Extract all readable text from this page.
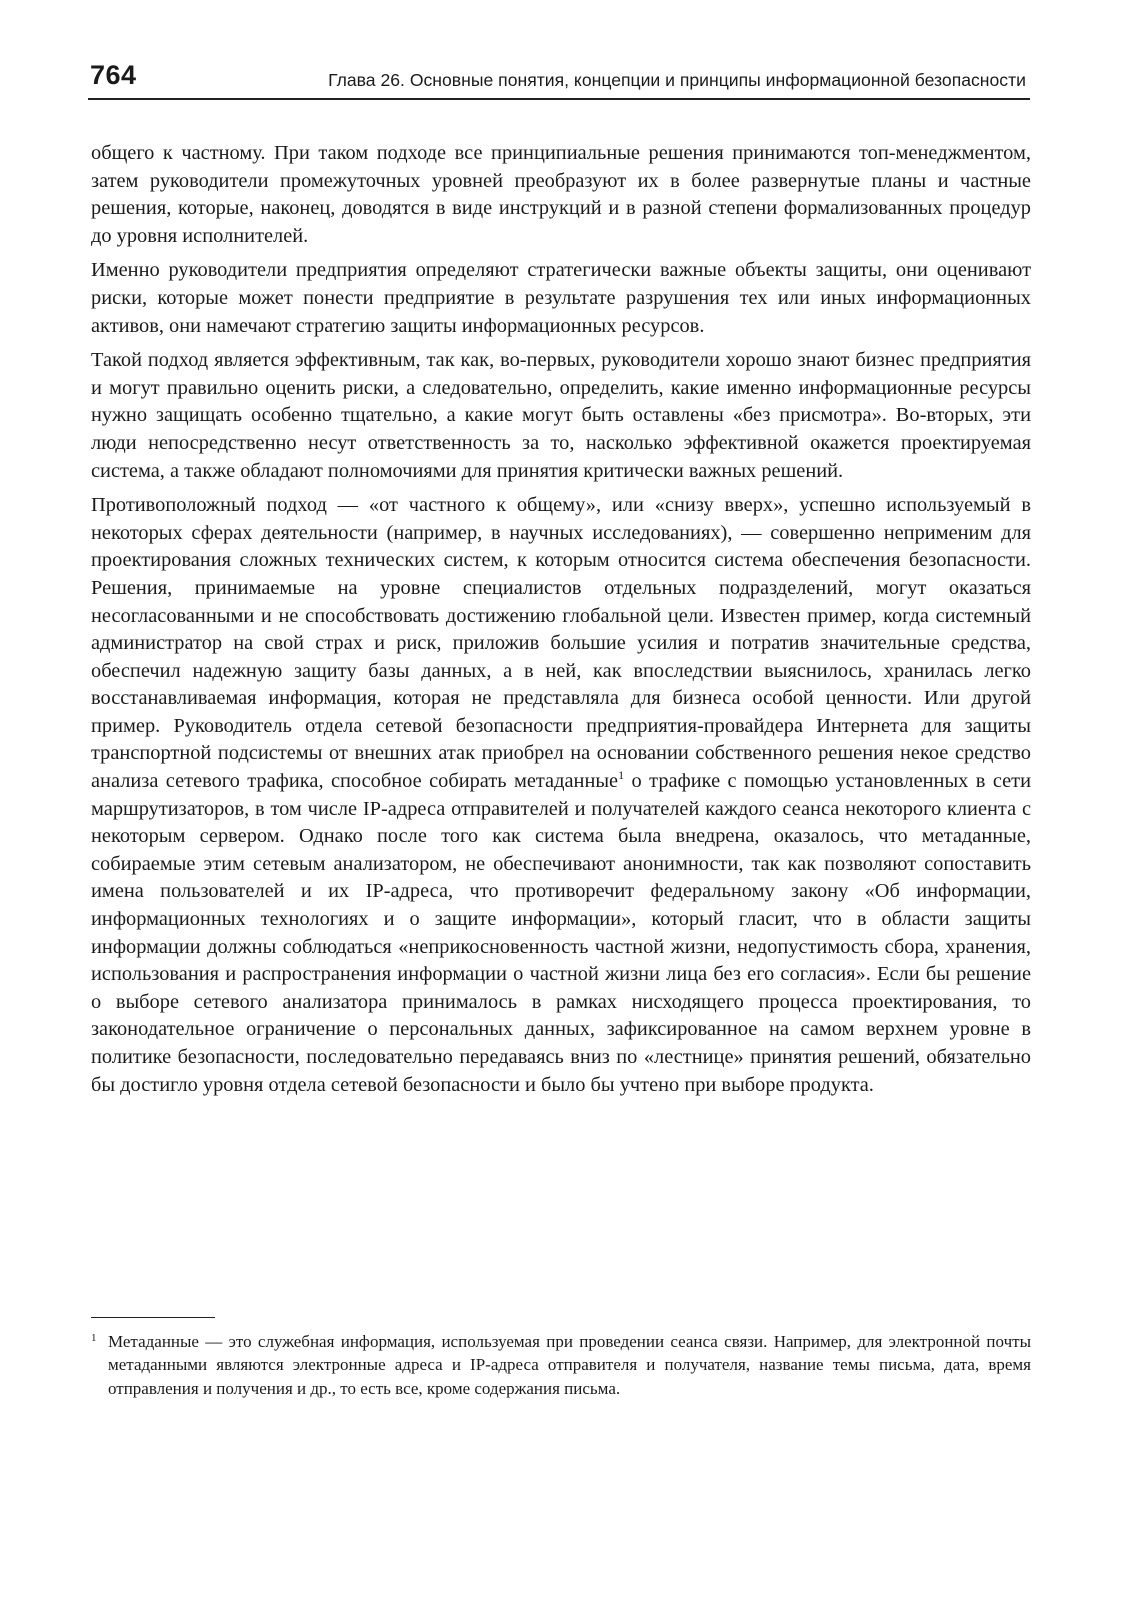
764	Глава 26. Основные понятия, концепции и принципы информационной безопасности

общего к частному. При таком подходе все принципиальные решения принимаются топ-менеджментом, затем руководители промежуточных уровней преобразуют их в более развернутые планы и частные решения, которые, наконец, доводятся в виде инструкций и в разной степени формализованных процедур до уровня исполнителей.

Именно руководители предприятия определяют стратегически важные объекты защиты, они оценивают риски, которые может понести предприятие в результате разрушения тех или иных информационных активов, они намечают стратегию защиты информационных ресурсов.

Такой подход является эффективным, так как, во-первых, руководители хорошо знают бизнес предприятия и могут правильно оценить риски, а следовательно, определить, какие именно информационные ресурсы нужно защищать особенно тщательно, а какие могут быть оставлены «без присмотра». Во-вторых, эти люди непосредственно несут ответственность за то, насколько эффективной окажется проектируемая система, а также обладают полномочиями для принятия критически важных решений.

Противоположный подход — «от частного к общему», или «снизу вверх», успешно используемый в некоторых сферах деятельности (например, в научных исследованиях), — совершенно неприменим для проектирования сложных технических систем, к которым относится система обеспечения безопасности. Решения, принимаемые на уровне специалистов отдельных подразделений, могут оказаться несогласованными и не способствовать достижению глобальной цели. Известен пример, когда системный администратор на свой страх и риск, приложив большие усилия и потратив значительные средства, обеспечил надежную защиту базы данных, а в ней, как впоследствии выяснилось, хранилась легко восстанавливаемая информация, которая не представляла для бизнеса особой ценности. Или другой пример. Руководитель отдела сетевой безопасности предприятия-провайдера Интернета для защиты транспортной подсистемы от внешних атак приобрел на основании собственного решения некое средство анализа сетевого трафика, способное собирать метаданные$^1$ о трафике с помощью установленных в сети маршрутизаторов, в том числе IP-адреса отправителей и получателей каждого сеанса некоторого клиента с некоторым сервером. Однако после того как система была внедрена, оказалось, что метаданные, собираемые этим сетевым анализатором, не обеспечивают анонимности, так как позволяют сопоставить имена пользователей и их IP-адреса, что противоречит федеральному закону «Об информации, информационных технологиях и о защите информации», который гласит, что в области защиты информации должны соблюдаться «неприкосновенность частной жизни, недопустимость сбора, хранения, использования и распространения информации о частной жизни лица без его согласия». Если бы решение о выборе сетевого анализатора принималось в рамках нисходящего процесса проектирования, то законодательное ограничение о персональных данных, зафиксированное на самом верхнем уровне в политике безопасности, последовательно передаваясь вниз по «лестнице» принятия решений, обязательно бы достигло уровня отдела сетевой безопасности и было бы учтено при выборе продукта.

1 Метаданные — это служебная информация, используемая при проведении сеанса связи. Например, для электронной почты метаданными являются электронные адреса и IP-адреса отправителя и получателя, название темы письма, дата, время отправления и получения и др., то есть все, кроме содержания письма.
